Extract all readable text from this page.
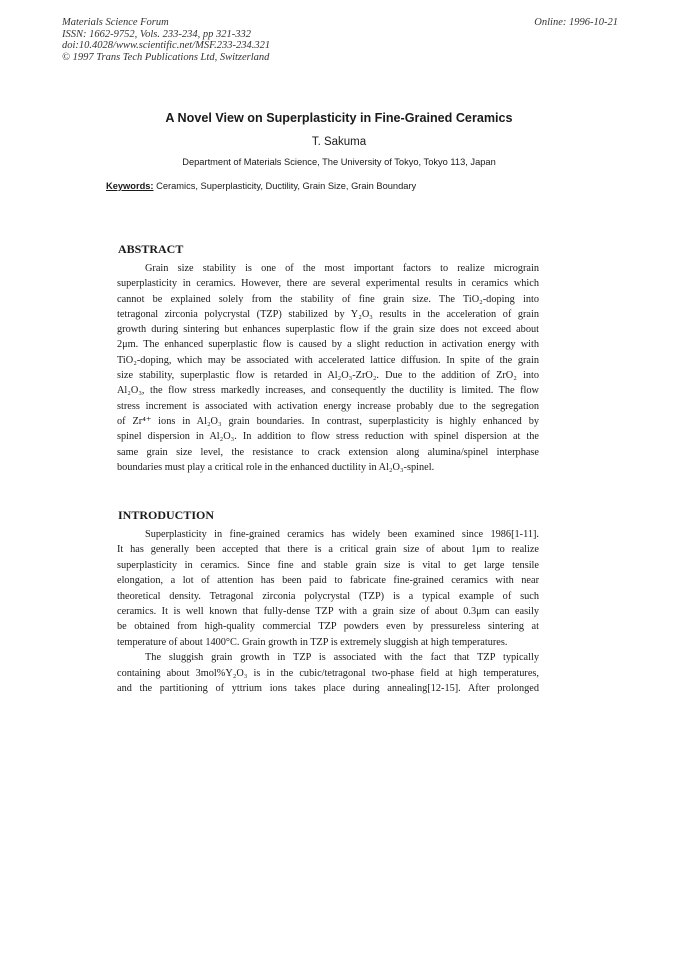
Materials Science Forum
ISSN: 1662-9752, Vols. 233-234, pp 321-332
doi:10.4028/www.scientific.net/MSF.233-234.321
© 1997 Trans Tech Publications Ltd, Switzerland
Online: 1996-10-21
A Novel View on Superplasticity in Fine-Grained Ceramics
T. Sakuma
Department of Materials Science, The University of Tokyo, Tokyo 113, Japan
Keywords: Ceramics, Superplasticity, Ductility, Grain Size, Grain Boundary
ABSTRACT
Grain size stability is one of the most important factors to realize micrograin
superplasticity in ceramics. However, there are several experimental results in ceramics which
cannot be explained solely from the stability of fine grain size. The TiO₂-doping into
tetragonal zirconia polycrystal (TZP) stabilized by Y₂O₃ results in the acceleration of grain
growth during sintering but enhances superplastic flow if the grain size does not exceed about
2μm. The enhanced superplastic flow is caused by a slight reduction in activation energy with
TiO₂-doping, which may be associated with accelerated lattice diffusion. In spite of the grain
size stability, superplastic flow is retarded in Al₂O₃-ZrO₂. Due to the addition of ZrO₂ into
Al₂O₃, the flow stress markedly increases, and consequently the ductility is limited. The flow
stress increment is associated with activation energy increase probably due to the segregation
of Zr⁴⁺ ions in Al₂O₃ grain boundaries. In contrast, superplasticity is highly enhanced by
spinel dispersion in Al₂O₃. In addition to flow stress reduction with spinel dispersion at the
same grain size level, the resistance to crack extension along alumina/spinel interphase
boundaries must play a critical role in the enhanced ductility in Al₂O₃-spinel.
INTRODUCTION
Superplasticity in fine-grained ceramics has widely been examined since 1986[1-11].
It has generally been accepted that there is a critical grain size of about 1μm to realize
superplasticity in ceramics. Since fine and stable grain size is vital to get large tensile
elongation, a lot of attention has been paid to fabricate fine-grained ceramics with near
theoretical density. Tetragonal zirconia polycrystal (TZP) is a typical example of such
ceramics. It is well known that fully-dense TZP with a grain size of about 0.3μm can easily
be obtained from high-quality commercial TZP powders even by pressureless sintering at
temperature of about 1400°C. Grain growth in TZP is extremely sluggish at high temperatures.
The sluggish grain growth in TZP is associated with the fact that TZP typically
containing about 3mol%Y₂O₃ is in the cubic/tetragonal two-phase field at high temperatures,
and the partitioning of yttrium ions takes place during annealing[12-15]. After prolonged
